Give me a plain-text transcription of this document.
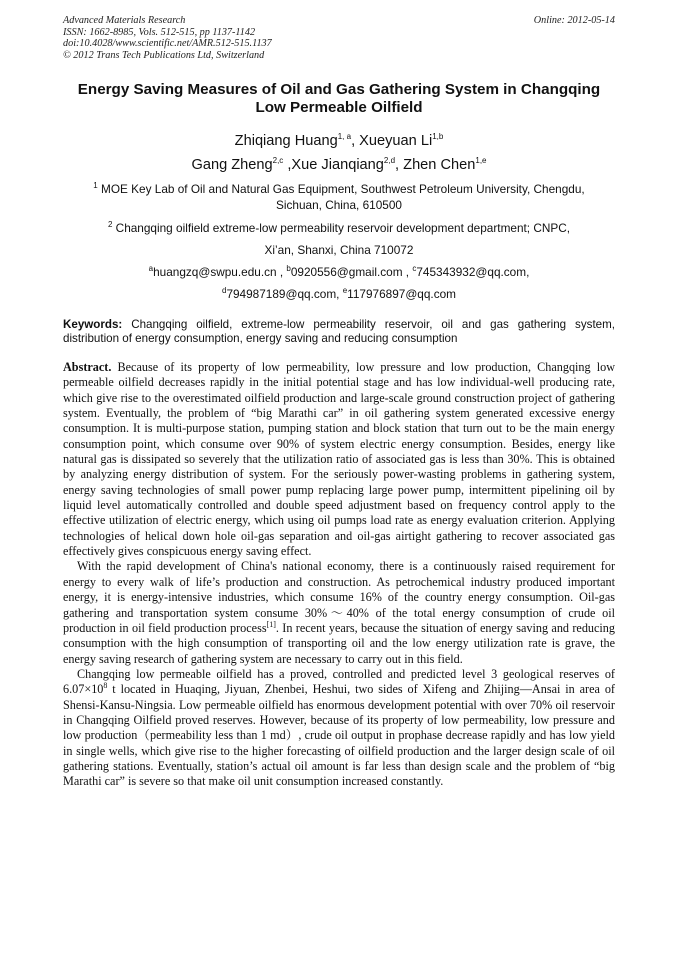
Advanced Materials Research
ISSN: 1662-8985, Vols. 512-515, pp 1137-1142
doi:10.4028/www.scientific.net/AMR.512-515.1137
© 2012 Trans Tech Publications Ltd, Switzerland
Online: 2012-05-14
Energy Saving Measures of Oil and Gas Gathering System in Changqing
Low Permeable Oilfield
Zhiqiang Huang$^{1, a}$, Xueyuan Li$^{1,b}$
Gang Zheng$^{2,c}$ ,Xue Jianqiang$^{2,d}$, Zhen Chen$^{1,e}$
$^1$ MOE Key Lab of Oil and Natural Gas Equipment, Southwest Petroleum University, Chengdu,
Sichuan, China, 610500
$^2$ Changqing oilfield extreme-low permeability reservoir development department; CNPC,
Xi’an, Shanxi, China 710072
$^a$huangzq@swpu.edu.cn , $^b$0920556@gmail.com , $^c$745343932@qq.com,
$^d$794987189@qq.com, $^e$117976897@qq.com
Keywords: Changqing oilfield, extreme-low permeability reservoir, oil and gas gathering system, distribution of energy consumption, energy saving and reducing consumption

Abstract. Because of its property of low permeability, low pressure and low production, Changqing low permeable oilfield decreases rapidly in the initial potential stage and has low individual-well producing rate, which give rise to the overestimated oilfield production and large-scale ground construction project of gathering system. Eventually, the problem of “big Marathi car” in oil gathering system generated excessive energy consumption. It is multi-purpose station, pumping station and block station that turn out to be the main energy consumption point, which consume over 90% of system electric energy consumption. Besides, energy like natural gas is dissipated so severely that the utilization ratio of associated gas is less than 30%. This is obtained by analyzing energy distribution of system. For the seriously power-wasting problems in gathering system, energy saving technologies of small power pump replacing large power pump, intermittent pipelining oil by liquid level automatically controlled and double speed adjustment based on frequency control apply to the effective utilization of electric energy, which using oil pumps load rate as energy evaluation criterion. Applying technologies of helical down hole oil-gas separation and oil-gas airtight gathering to recover associated gas effectively gives conspicuous energy saving effect.

With the rapid development of China's national economy, there is a continuously raised requirement for energy to every walk of life’s production and construction. As petrochemical industry produced important energy, it is energy-intensive industries, which consume 16% of the country energy consumption. Oil-gas gathering and transportation system consume 30%～40% of the total energy consumption of crude oil production in oil field production process[1]. In recent years, because the situation of energy saving and reducing consumption with the high consumption of transporting oil and the low energy utilization rate is grave, the energy saving research of gathering system are necessary to carry out in this field.

Changqing low permeable oilfield has a proved, controlled and predicted level 3 geological reserves of $6.07\times 10^8$ t located in Huaqing, Jiyuan, Zhenbei, Heshui, two sides of Xifeng and Zhijing—Ansai in area of Shensi-Kansu-Ningsia. Low permeable oilfield has enormous development potential with over 70% oil reservoir in Changqing Oilfield proved reserves. However, because of its property of low permeability, low pressure and low production（permeability less than 1 md）, crude oil output in prophase decrease rapidly and has low yield in single wells, which give rise to the higher forecasting of oilfield production and the larger design scale of oil gathering stations. Eventually, station’s actual oil amount is far less than design scale and the problem of “big Marathi car” is severe so that make oil unit consumption increased constantly.
